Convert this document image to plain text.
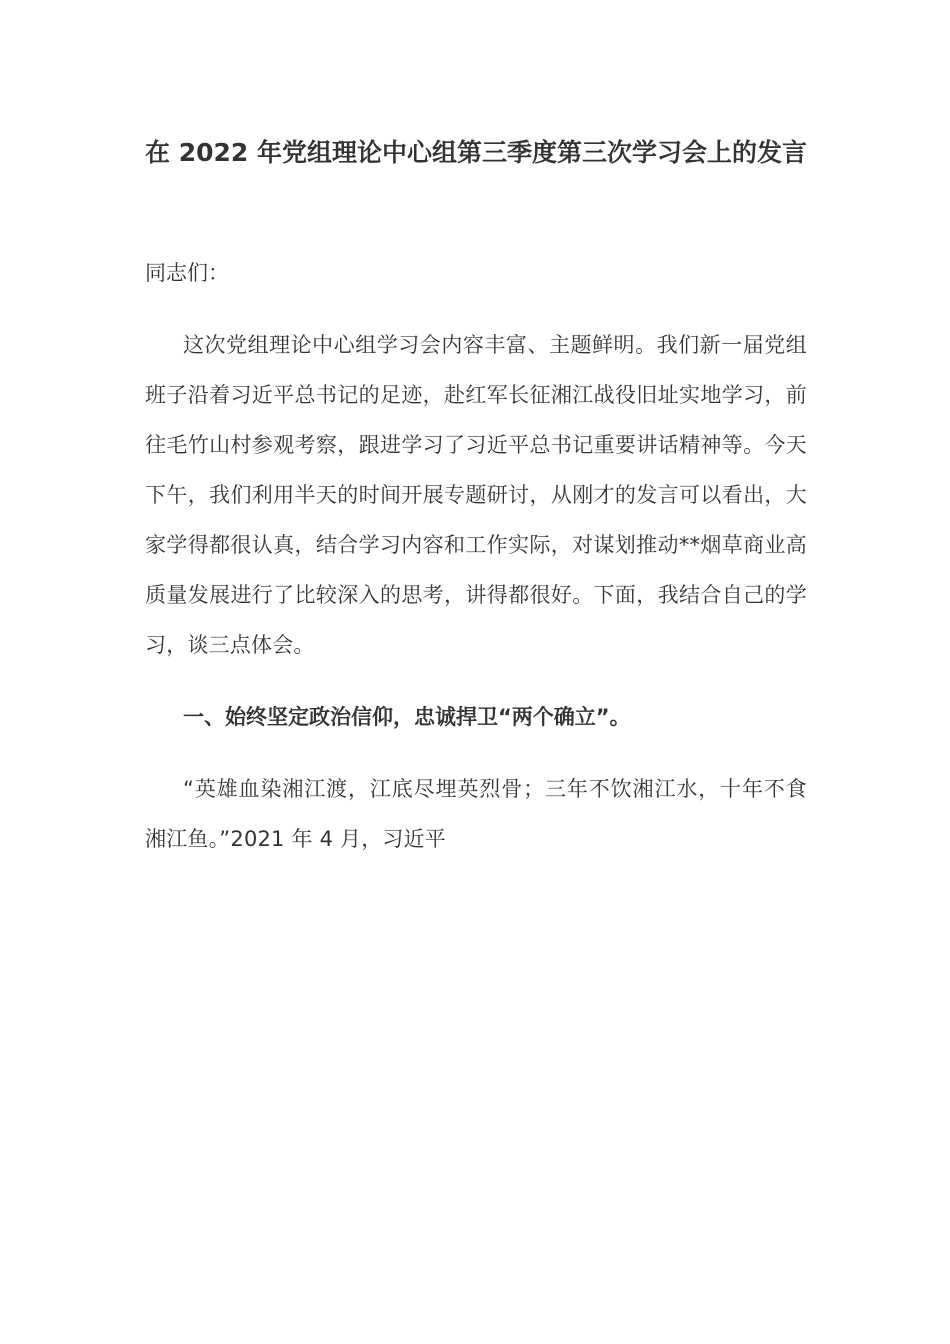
在 2022 年党组理论中心组第三季度第三次学习会上的发言
同志们：
这次党组理论中心组学习会内容丰富、主题鲜明。我们新一届党组班子沿着习近平总书记的足迹，赴红军长征湘江战役旧址实地学习，前往毛竹山村参观考察，跟进学习了习近平总书记重要讲话精神等。今天下午，我们利用半天的时间开展专题研讨，从刚才的发言可以看出，大家学得都很认真，结合学习内容和工作实际，对谋划推动**烟草商业高质量发展进行了比较深入的思考，讲得都很好。下面，我结合自己的学习，谈三点体会。
一、始终坚定政治信仰，忠诚捍卫“两个确立”。
“英雄血染湘江渡，江底尽埋英烈骨；三年不饮湘江水，十年不食湘江鱼。”2021 年 4 月，习近平
